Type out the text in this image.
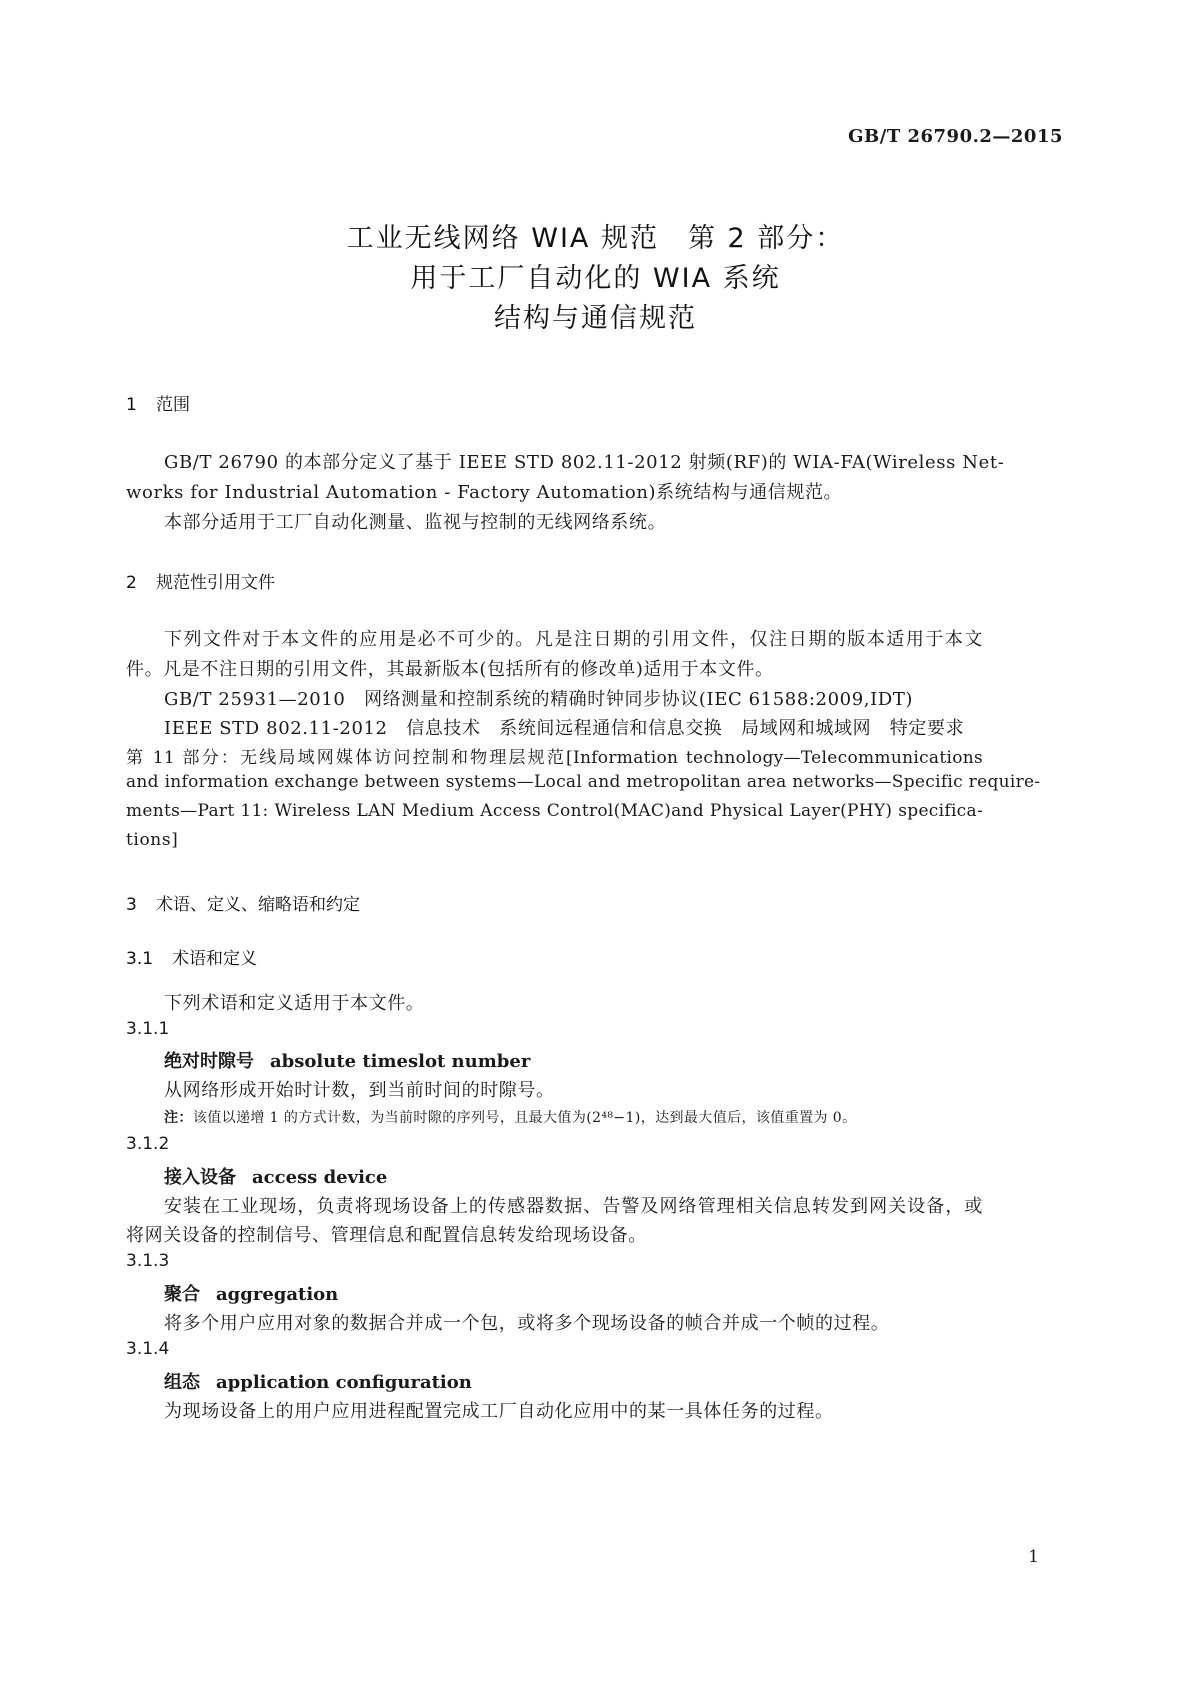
GB/T 26790.2—2015
工业无线网络 WIA 规范　第 2 部分：
用于工厂自动化的 WIA 系统
结构与通信规范
1 范围
GB/T 26790 的本部分定义了基于 IEEE STD 802.11-2012 射频(RF)的 WIA-FA(Wireless Net-
works for Industrial Automation - Factory Automation)系统结构与通信规范。
本部分适用于工厂自动化测量、监视与控制的无线网络系统。
2 规范性引用文件
下列文件对于本文件的应用是必不可少的。凡是注日期的引用文件，仅注日期的版本适用于本文
件。凡是不注日期的引用文件，其最新版本(包括所有的修改单)适用于本文件。
GB/T 25931—2010　网络测量和控制系统的精确时钟同步协议(IEC 61588:2009,IDT)
IEEE STD 802.11-2012　信息技术　系统间远程通信和信息交换　局域网和城域网　特定要求
第 11 部分：无线局域网媒体访问控制和物理层规范[Information technology—Telecommunications
and information exchange between systems—Local and metropolitan area networks—Specific require-
ments—Part 11: Wireless LAN Medium Access Control(MAC)and Physical Layer(PHY) specifica-
tions]
3 术语、定义、缩略语和约定
3.1 术语和定义
下列术语和定义适用于本文件。
3.1.1
绝对时隙号 absolute timeslot number
从网络形成开始时计数，到当前时间的时隙号。
注：该值以递增 1 的方式计数，为当前时隙的序列号，且最大值为(2⁴⁸−1)，达到最大值后，该值重置为 0。
3.1.2
接入设备 access device
安装在工业现场，负责将现场设备上的传感器数据、告警及网络管理相关信息转发到网关设备，或
将网关设备的控制信号、管理信息和配置信息转发给现场设备。
3.1.3
聚合 aggregation
将多个用户应用对象的数据合并成一个包，或将多个现场设备的帧合并成一个帧的过程。
3.1.4
组态 application configuration
为现场设备上的用户应用进程配置完成工厂自动化应用中的某一具体任务的过程。
1
